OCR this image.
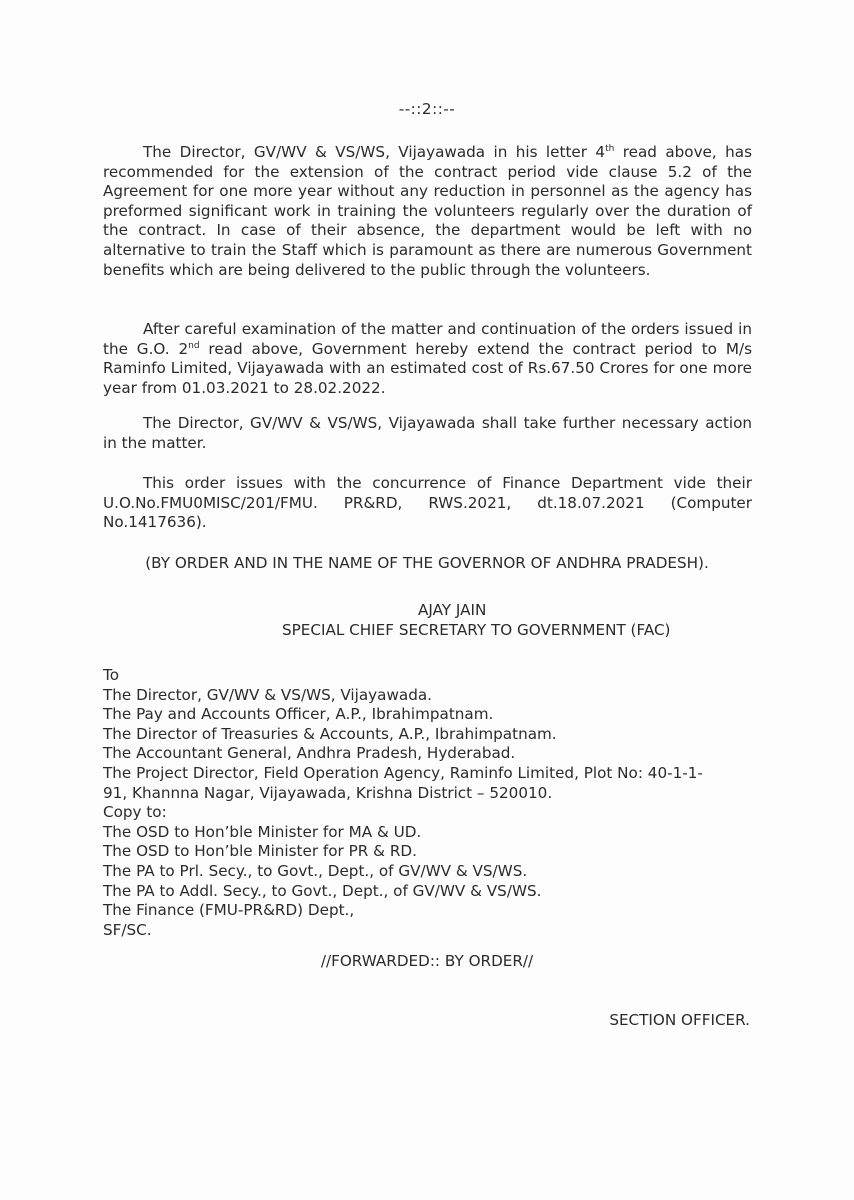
--::2::--

The Director, GV/WV & VS/WS, Vijayawada in his letter 4th read above, has recommended for the extension of the contract period vide clause 5.2 of the Agreement for one more year without any reduction in personnel as the agency has preformed significant work in training the volunteers regularly over the duration of the contract. In case of their absence, the department would be left with no alternative to train the Staff which is paramount as there are numerous Government benefits which are being delivered to the public through the volunteers.

After careful examination of the matter and continuation of the orders issued in the G.O. 2nd read above, Government hereby extend the contract period to M/s Raminfo Limited, Vijayawada with an estimated cost of Rs.67.50 Crores for one more year from 01.03.2021 to 28.02.2022.

The Director, GV/WV & VS/WS, Vijayawada shall take further necessary action in the matter.

This order issues with the concurrence of Finance Department vide their U.O.No.FMU0MISC/201/FMU. PR&RD, RWS.2021, dt.18.07.2021 (Computer No.1417636).

(BY ORDER AND IN THE NAME OF THE GOVERNOR OF ANDHRA PRADESH).
AJAY JAIN
SPECIAL CHIEF SECRETARY TO GOVERNMENT (FAC)
To
The Director, GV/WV & VS/WS, Vijayawada.
The Pay and Accounts Officer, A.P., Ibrahimpatnam.
The Director of Treasuries & Accounts, A.P., Ibrahimpatnam.
The Accountant General, Andhra Pradesh, Hyderabad.
The Project Director, Field Operation Agency, Raminfo Limited, Plot No: 40-1-1-
91, Khannna Nagar, Vijayawada, Krishna District – 520010.
Copy to:
The OSD to Hon’ble Minister for MA & UD.
The OSD to Hon’ble Minister for PR & RD.
The PA to Prl. Secy., to Govt., Dept., of GV/WV & VS/WS.
The PA to Addl. Secy., to Govt., Dept., of GV/WV & VS/WS.
The Finance (FMU-PR&RD) Dept.,
SF/SC.
//FORWARDED:: BY ORDER//
SECTION OFFICER.
